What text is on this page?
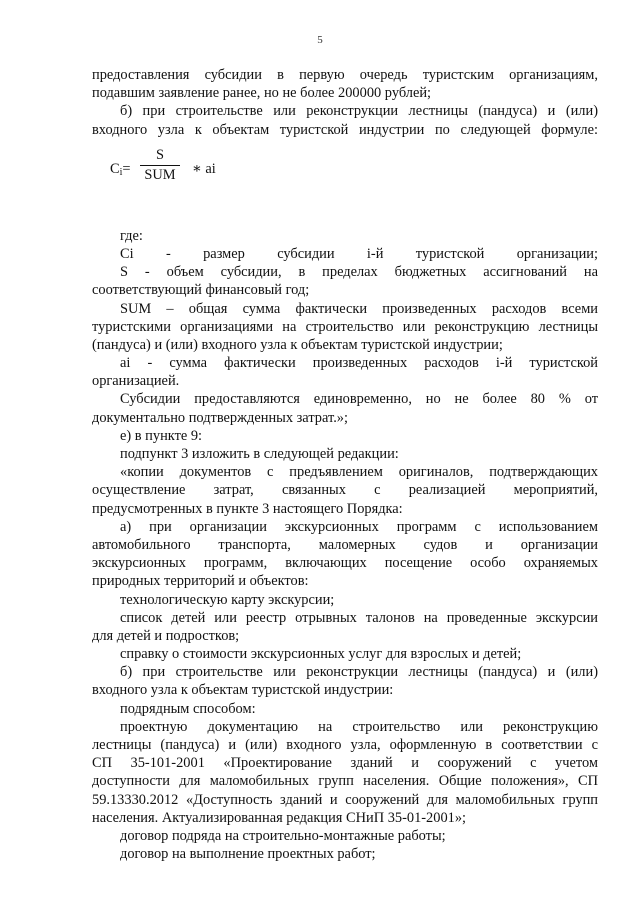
5
предоставления субсидии в первую очередь туристским организациям,
подавшим заявление ранее, но не более 200000 рублей;
б) при строительстве или реконструкции лестницы (пандуса) и (или)
входного узла к объектам туристской индустрии по следующей формуле:
$C_i=$
S
SUM	∗ ai
где:
Ci - размер субсидии i-й туристской организации;
S - объем субсидии, в пределах бюджетных ассигнований на
соответствующий финансовый год;
SUM – общая сумма фактически произведенных расходов всеми
туристскими организациями на строительство или реконструкцию лестницы
(пандуса) и (или) входного узла к объектам туристской индустрии;
ai - сумма фактически произведенных расходов i-й туристской
организацией.
Субсидии предоставляются единовременно, но не более 80 % от
документально подтвержденных затрат.»;
е) в пункте 9:
подпункт 3 изложить в следующей редакции:
«копии документов с предъявлением оригиналов, подтверждающих
осуществление затрат, связанных с реализацией мероприятий,
предусмотренных в пункте 3 настоящего Порядка:
а) при организации экскурсионных программ с использованием
автомобильного транспорта, маломерных судов и организации
экскурсионных программ, включающих посещение особо охраняемых
природных территорий и объектов:
технологическую карту экскурсии;
список детей или реестр отрывных талонов на проведенные экскурсии
для детей и подростков;
справку о стоимости экскурсионных услуг для взрослых и детей;
б) при строительстве или реконструкции лестницы (пандуса) и (или)
входного узла к объектам туристской индустрии:
подрядным способом:
проектную документацию на строительство или реконструкцию
лестницы (пандуса) и (или) входного узла, оформленную в соответствии с
СП 35-101-2001 «Проектирование зданий и сооружений с учетом
доступности для маломобильных групп населения. Общие положения», СП
59.13330.2012 «Доступность зданий и сооружений для маломобильных групп
населения. Актуализированная редакция СНиП 35-01-2001»;
договор подряда на строительно-монтажные работы;
договор на выполнение проектных работ;
